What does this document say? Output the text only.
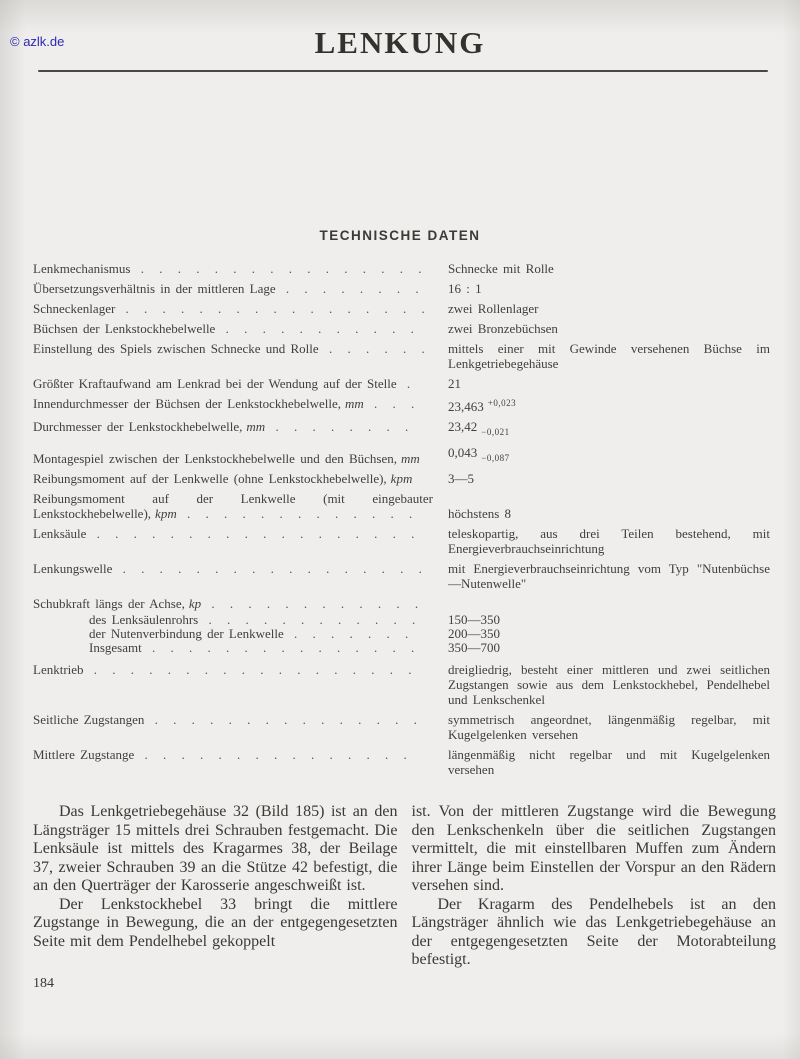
© azlk.de	LENKUNG
TECHNISCHE DATEN
Lenkmechanismus . . . . . . . . . . . . . . . .	Schnecke mit Rolle
Übersetzungsverhältnis in der mittleren Lage . . . . . . . .	16 : 1
Schneckenlager . . . . . . . . . . . . . . . . . zwei Rollenlager
Büchsen der Lenkstockhebelwelle . . . . . . . . . . .	zwei Bronzebüchsen
Einstellung des Spiels zwischen Schnecke und Rolle . . . . . . mittels einer mit Gewinde versehenen Büchse im Lenkgetriebegehäuse
Größter Kraftaufwand am Lenkrad bei der Wendung auf der Stelle .	21
Innendurchmesser der Büchsen der Lenkstockhebelwelle, mm . . .	23,463 $^{+0,023}$
Durchmesser der Lenkstockhebelwelle, mm . . . . . . . .	23,42 $_{-0,021}$
Montagespiel zwischen der Lenkstockhebelwelle und den Büchsen, mm	0,043 $_{-0,087}$
Reibungsmoment auf der Lenkwelle (ohne Lenkstockhebelwelle), kpm	3—5
Reibungsmoment auf der Lenkwelle (mit eingebauter Lenkstockhebelwelle), kpm . . . . . . . . . . . . .	höchstens 8
Lenksäule . . . . . . . . . . . . . . . . . .	teleskopartig, aus drei Teilen bestehend, mit Energieverbrauchseinrichtung
Lenkungswelle . . . . . . . . . . . . . . . . .	mit Energieverbrauchseinrichtung vom Typ "Nutenbüchse—Nutenwelle"
Schubkraft längs der Achse, kp . . . . . . . . . . . .
des Lenksäulenrohrs . . . . . . . . . . . .	150—350
der Nutenverbindung der Lenkwelle . . . . . . .	200—350
Insgesamt . . . . . . . . . . . . . . .	350—700
Lenktrieb . . . . . . . . . . . . . . . . . .	dreigliedrig, besteht einer mittleren und zwei seitlichen Zugstangen sowie aus dem Lenkstockhebel, Pendelhebel und Lenkschenkel
Seitliche Zugstangen . . . . . . . . . . . . . . .	symmetrisch angeordnet, längenmäßig regelbar, mit Kugelgelenken versehen
Mittlere Zugstange . . . . . . . . . . . . . . .	längenmäßig nicht regelbar und mit Kugelgelenken versehen

Das Lenkgetriebegehäuse 32 (Bild 185) ist an den Längsträger 15 mittels drei Schrauben festgemacht. Die Lenksäule ist mittels des Kragarmes 38, der Beilage 37, zweier Schrauben 39 an die Stütze 42 befestigt, die an den Querträger der Karosserie angeschweißt ist.

Der Lenkstockhebel 33 bringt die mittlere Zugstange in Bewegung, die an der entgegengesetzten Seite mit dem Pendelhebel gekoppelt

ist. Von der mittleren Zugstange wird die Bewegung den Lenkschenkeln über die seitlichen Zugstangen vermittelt, die mit einstellbaren Muffen zum Ändern ihrer Länge beim Einstellen der Vorspur an den Rädern versehen sind.

Der Kragarm des Pendelhebels ist an den Längsträger ähnlich wie das Lenkgetriebegehäuse an der entgegengesetzten Seite der Motorabteilung befestigt.

184
